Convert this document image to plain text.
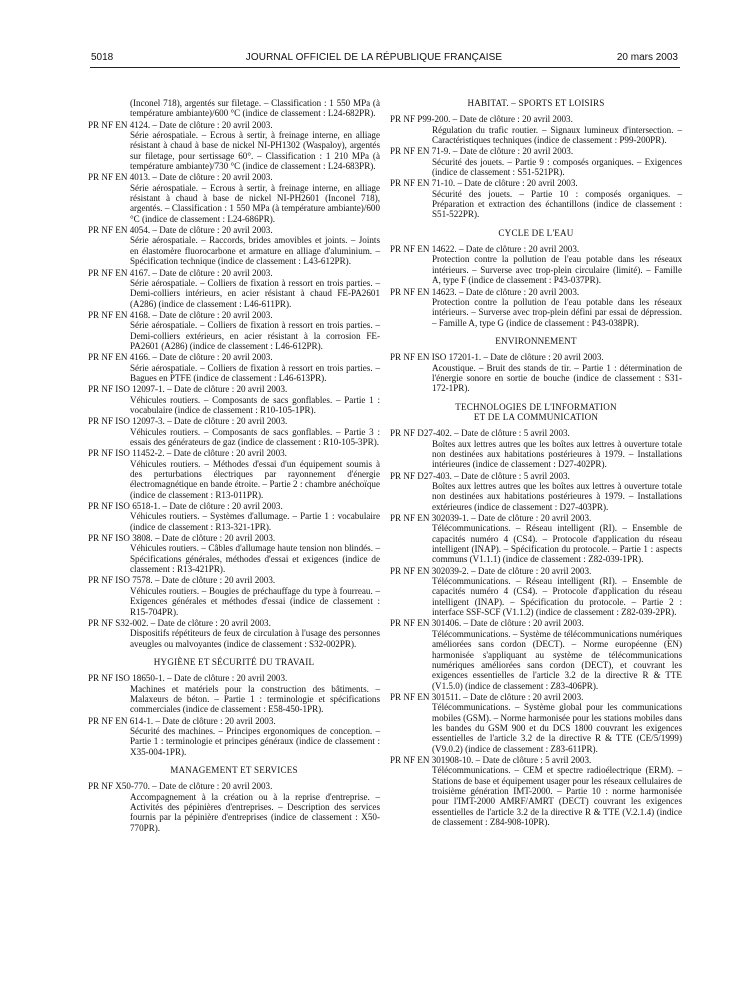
5018	JOURNAL OFFICIEL DE LA RÉPUBLIQUE FRANÇAISE	20 mars 2003
(Inconel 718), argentés sur filetage. – Classification : 1 550 MPa (à température ambiante)/600 °C (indice de classement : L24-682PR).
PR NF EN 4124. – Date de clôture : 20 avril 2003.
Série aérospatiale. – Ecrous à sertir, à freinage interne, en alliage résistant à chaud à base de nickel NI-PH1302 (Waspaloy), argentés sur filetage, pour sertissage 60°. – Classification : 1 210 MPa (à température ambiante)/730 °C (indice de classement : L24-683PR).
PR NF EN 4013. – Date de clôture : 20 avril 2003.
Série aérospatiale. – Ecrous à sertir, à freinage interne, en alliage résistant à chaud à base de nickel NI-PH2601 (Inconel 718), argentés. – Classification : 1 550 MPa (à température ambiante)/600 °C (indice de classement : L24-686PR).
PR NF EN 4054. – Date de clôture : 20 avril 2003.
Série aérospatiale. – Raccords, brides amovibles et joints. – Joints en élastomère fluorocarbone et armature en alliage d'aluminium. – Spécification technique (indice de classement : L43-612PR).
PR NF EN 4167. – Date de clôture : 20 avril 2003.
Série aérospatiale. – Colliers de fixation à ressort en trois parties. – Demi-colliers intérieurs, en acier résistant à chaud FE-PA2601 (A286) (indice de classement : L46-611PR).
PR NF EN 4168. – Date de clôture : 20 avril 2003.
Série aérospatiale. – Colliers de fixation à ressort en trois parties. – Demi-colliers extérieurs, en acier résistant à la corrosion FE-PA2601 (A286) (indice de classement : L46-612PR).
PR NF EN 4166. – Date de clôture : 20 avril 2003.
Série aérospatiale. – Colliers de fixation à ressort en trois parties. – Bagues en PTFE (indice de classement : L46-613PR).
PR NF ISO 12097-1. – Date de clôture : 20 avril 2003.
Véhicules routiers. – Composants de sacs gonflables. – Partie 1 : vocabulaire (indice de classement : R10-105-1PR).
PR NF ISO 12097-3. – Date de clôture : 20 avril 2003.
Véhicules routiers. – Composants de sacs gonflables. – Partie 3 : essais des générateurs de gaz (indice de classement : R10-105-3PR).
PR NF ISO 11452-2. – Date de clôture : 20 avril 2003.
Véhicules routiers. – Méthodes d'essai d'un équipement soumis à des perturbations électriques par rayonnement d'énergie électromagnétique en bande étroite. – Partie 2 : chambre anéchoïque (indice de classement : R13-011PR).
PR NF ISO 6518-1. – Date de clôture : 20 avril 2003.
Véhicules routiers. – Systèmes d'allumage. – Partie 1 : vocabulaire (indice de classement : R13-321-1PR).
PR NF ISO 3808. – Date de clôture : 20 avril 2003.
Véhicules routiers. – Câbles d'allumage haute tension non blindés. – Spécifications générales, méthodes d'essai et exigences (indice de classement : R13-421PR).
PR NF ISO 7578. – Date de clôture : 20 avril 2003.
Véhicules routiers. – Bougies de préchauffage du type à fourreau. – Exigences générales et méthodes d'essai (indice de classement : R15-704PR).
PR NF S32-002. – Date de clôture : 20 avril 2003.
Dispositifs répétiteurs de feux de circulation à l'usage des personnes aveugles ou malvoyantes (indice de classement : S32-002PR).
HYGIÈNE ET SÉCURITÉ DU TRAVAIL
PR NF ISO 18650-1. – Date de clôture : 20 avril 2003.
Machines et matériels pour la construction des bâtiments. – Malaxeurs de béton. – Partie 1 : terminologie et spécifications commerciales (indice de classement : E58-450-1PR).
PR NF EN 614-1. – Date de clôture : 20 avril 2003.
Sécurité des machines. – Principes ergonomiques de conception. – Partie 1 : terminologie et principes généraux (indice de classement : X35-004-1PR).
MANAGEMENT ET SERVICES
PR NF X50-770. – Date de clôture : 20 avril 2003.
Accompagnement à la création ou à la reprise d'entreprise. – Activités des pépinières d'entreprises. – Description des services fournis par la pépinière d'entreprises (indice de classement : X50-770PR).
HABITAT. – SPORTS ET LOISIRS
PR NF P99-200. – Date de clôture : 20 avril 2003.
Régulation du trafic routier. – Signaux lumineux d'intersection. – Caractéristiques techniques (indice de classement : P99-200PR).
PR NF EN 71-9. – Date de clôture : 20 avril 2003.
Sécurité des jouets. – Partie 9 : composés organiques. – Exigences (indice de classement : S51-521PR).
PR NF EN 71-10. – Date de clôture : 20 avril 2003.
Sécurité des jouets. – Partie 10 : composés organiques. – Préparation et extraction des échantillons (indice de classement : S51-522PR).
CYCLE DE L'EAU
PR NF EN 14622. – Date de clôture : 20 avril 2003.
Protection contre la pollution de l'eau potable dans les réseaux intérieurs. – Surverse avec trop-plein circulaire (limité). – Famille A, type F (indice de classement : P43-037PR).
PR NF EN 14623. – Date de clôture : 20 avril 2003.
Protection contre la pollution de l'eau potable dans les réseaux intérieurs. – Surverse avec trop-plein défini par essai de dépression. – Famille A, type G (indice de classement : P43-038PR).
ENVIRONNEMENT
PR NF EN ISO 17201-1. – Date de clôture : 20 avril 2003.
Acoustique. – Bruit des stands de tir. – Partie 1 : détermination de l'énergie sonore en sortie de bouche (indice de classement : S31-172-1PR).
TECHNOLOGIES DE L'INFORMATION
ET DE LA COMMUNICATION
PR NF D27-402. – Date de clôture : 5 avril 2003.
Boîtes aux lettres autres que les boîtes aux lettres à ouverture totale non destinées aux habitations postérieures à 1979. – Installations intérieures (indice de classement : D27-402PR).
PR NF D27-403. – Date de clôture : 5 avril 2003.
Boîtes aux lettres autres que les boîtes aux lettres à ouverture totale non destinées aux habitations postérieures à 1979. – Installations extérieures (indice de classement : D27-403PR).
PR NF EN 302039-1. – Date de clôture : 20 avril 2003.
Télécommunications. – Réseau intelligent (RI). – Ensemble de capacités numéro 4 (CS4). – Protocole d'application du réseau intelligent (INAP). – Spécification du protocole. – Partie 1 : aspects communs (V1.1.1) (indice de classement : Z82-039-1PR).
PR NF EN 302039-2. – Date de clôture : 20 avril 2003.
Télécommunications. – Réseau intelligent (RI). – Ensemble de capacités numéro 4 (CS4). – Protocole d'application du réseau intelligent (INAP). – Spécification du protocole. – Partie 2 : interface SSF-SCF (V1.1.2) (indice de classement : Z82-039-2PR).
PR NF EN 301406. – Date de clôture : 20 avril 2003.
Télécommunications. – Système de télécommunications numériques améliorées sans cordon (DECT). – Norme européenne (EN) harmonisée s'appliquant au système de télécommunications numériques améliorées sans cordon (DECT), et couvrant les exigences essentielles de l'article 3.2 de la directive R & TTE (V1.5.0) (indice de classement : Z83-406PR).
PR NF EN 301511. – Date de clôture : 20 avril 2003.
Télécommunications. – Système global pour les communications mobiles (GSM). – Norme harmonisée pour les stations mobiles dans les bandes du GSM 900 et du DCS 1800 couvrant les exigences essentielles de l'article 3.2 de la directive R & TTE (CE/5/1999) (V9.0.2) (indice de classement : Z83-611PR).
PR NF EN 301908-10. – Date de clôture : 5 avril 2003.
Télécommunications. – CEM et spectre radioélectrique (ERM). – Stations de base et équipement usager pour les réseaux cellulaires de troisième génération IMT-2000. – Partie 10 : norme harmonisée pour l'IMT-2000 AMRF/AMRT (DECT) couvrant les exigences essentielles de l'article 3.2 de la directive R & TTE (V.2.1.4) (indice de classement : Z84-908-10PR).
